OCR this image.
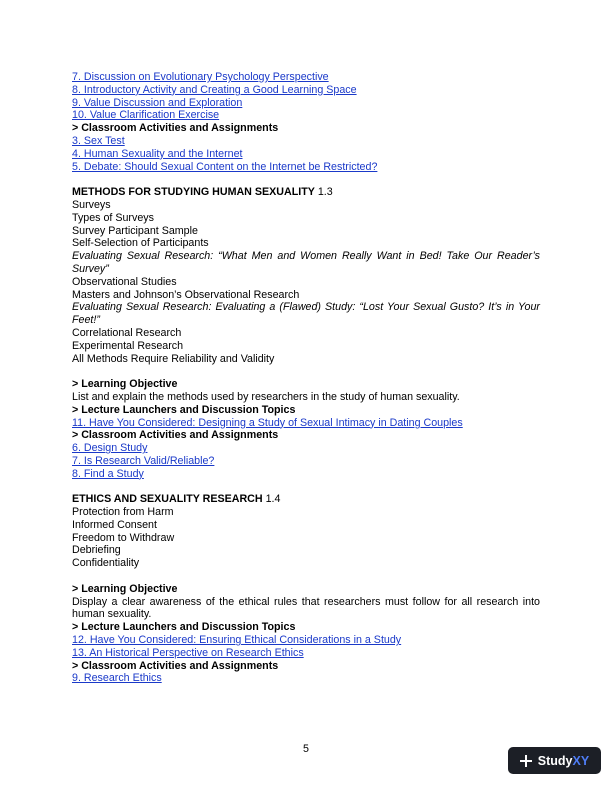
7. Discussion on Evolutionary Psychology Perspective
8. Introductory Activity and Creating a Good Learning Space
9. Value Discussion and Exploration
10. Value Clarification Exercise
> Classroom Activities and Assignments
3. Sex Test
4. Human Sexuality and the Internet
5. Debate: Should Sexual Content on the Internet be Restricted?
METHODS FOR STUDYING HUMAN SEXUALITY 1.3
Surveys
Types of Surveys
Survey Participant Sample
Self-Selection of Participants
Evaluating Sexual Research: “What Men and Women Really Want in Bed! Take Our Reader’s Survey”
Observational Studies
Masters and Johnson’s Observational Research
Evaluating Sexual Research: Evaluating a (Flawed) Study: “Lost Your Sexual Gusto? It’s in Your Feet!”
Correlational Research
Experimental Research
All Methods Require Reliability and Validity
> Learning Objective
List and explain the methods used by researchers in the study of human sexuality.
> Lecture Launchers and Discussion Topics
11. Have You Considered: Designing a Study of Sexual Intimacy in Dating Couples
> Classroom Activities and Assignments
6. Design Study
7. Is Research Valid/Reliable?
8. Find a Study
ETHICS AND SEXUALITY RESEARCH 1.4
Protection from Harm
Informed Consent
Freedom to Withdraw
Debriefing
Confidentiality
> Learning Objective
Display a clear awareness of the ethical rules that researchers must follow for all research into human sexuality.
> Lecture Launchers and Discussion Topics
12. Have You Considered: Ensuring Ethical Considerations in a Study
13. An Historical Perspective on Research Ethics
> Classroom Activities and Assignments
9. Research Ethics
5
Study XY
